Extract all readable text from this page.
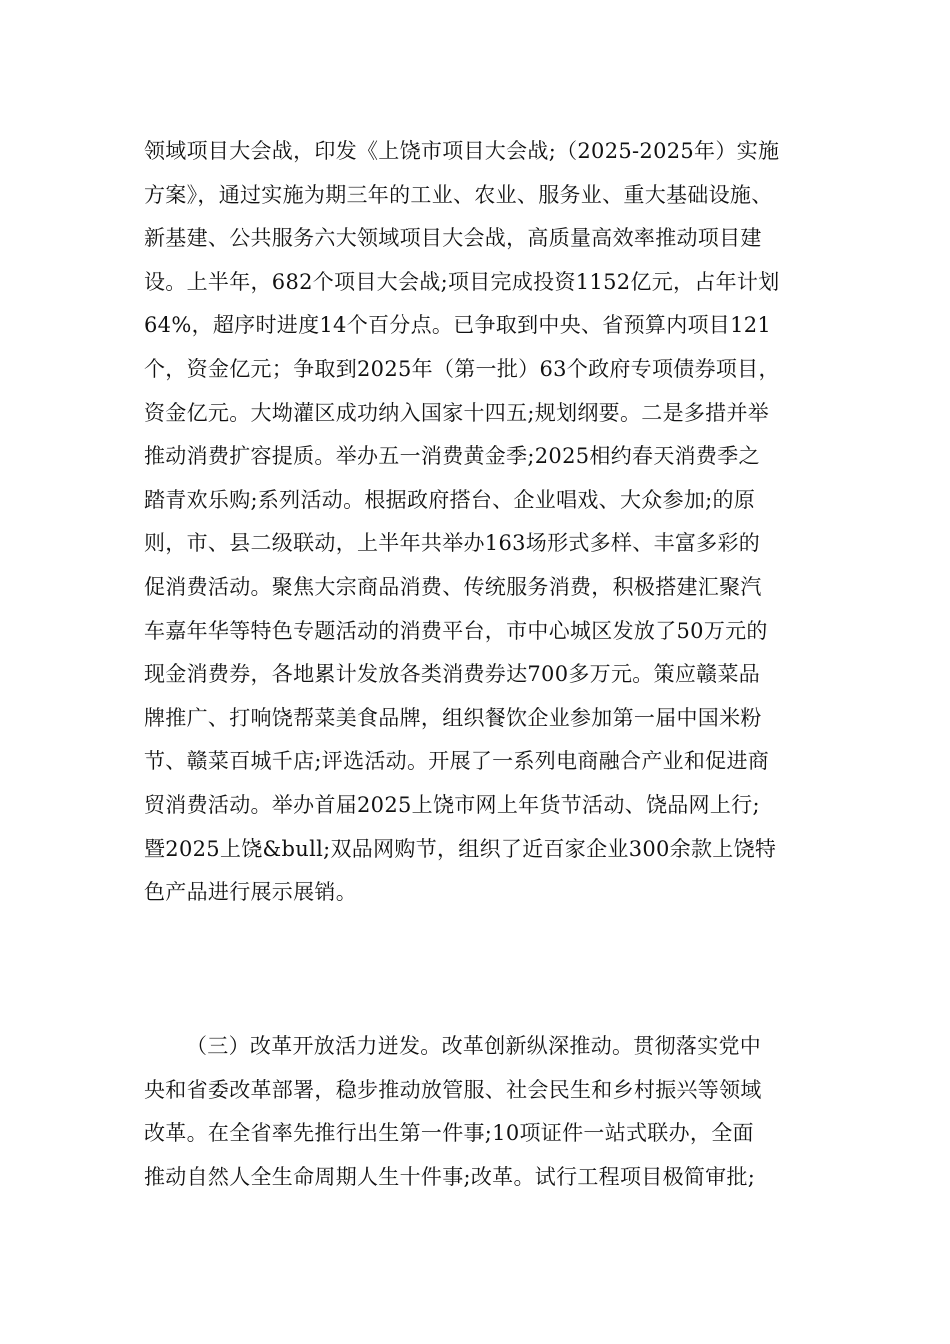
领域项目大会战，印发《上饶市项目大会战;（2025-2025年）实施
方案》，通过实施为期三年的工业、农业、服务业、重大基础设施、
新基建、公共服务六大领域项目大会战，高质量高效率推动项目建
设。上半年，682个项目大会战;项目完成投资1152亿元，占年计划
64%，超序时进度14个百分点。已争取到中央、省预算内项目121
个，资金亿元；争取到2025年（第一批）63个政府专项债券项目，
资金亿元。大坳灌区成功纳入国家十四五;规划纲要。二是多措并举
推动消费扩容提质。举办五一消费黄金季;2025相约春天消费季之
踏青欢乐购;系列活动。根据政府搭台、企业唱戏、大众参加;的原
则，市、县二级联动，上半年共举办163场形式多样、丰富多彩的
促消费活动。聚焦大宗商品消费、传统服务消费，积极搭建汇聚汽
车嘉年华等特色专题活动的消费平台，市中心城区发放了50万元的
现金消费券，各地累计发放各类消费券达700多万元。策应赣菜品
牌推广、打响饶帮菜美食品牌，组织餐饮企业参加第一届中国米粉
节、赣菜百城千店;评选活动。开展了一系列电商融合产业和促进商
贸消费活动。举办首届2025上饶市网上年货节活动、饶品网上行;
暨2025上饶&bull;双品网购节，组织了近百家企业300余款上饶特
色产品进行展示展销。
（三）改革开放活力迸发。改革创新纵深推动。贯彻落实党中
央和省委改革部署，稳步推动放管服、社会民生和乡村振兴等领域
改革。在全省率先推行出生第一件事;10项证件一站式联办，全面
推动自然人全生命周期人生十件事;改革。试行工程项目极简审批;
